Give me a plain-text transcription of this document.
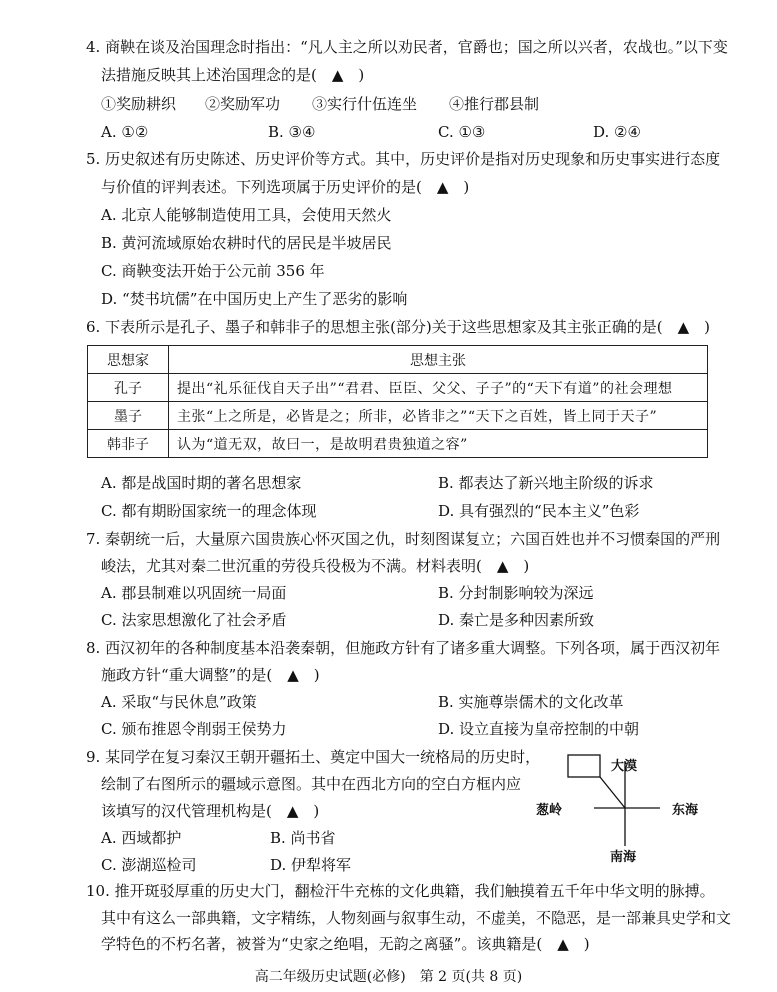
4. 商鞅在谈及治国理念时指出：“凡人主之所以劝民者，官爵也；国之所以兴者，农战也。”以下变
法措施反映其上述治国理念的是(　▲　)
①奖励耕织 ②奖励军功 ③实行什伍连坐 ④推行郡县制
A. ①②	B. ③④	C. ①③	D. ②④
5. 历史叙述有历史陈述、历史评价等方式。其中，历史评价是指对历史现象和历史事实进行态度
与价值的评判表述。下列选项属于历史评价的是(　▲　)
A. 北京人能够制造使用工具，会使用天然火
B. 黄河流域原始农耕时代的居民是半坡居民
C. 商鞅变法开始于公元前 356 年
D. “焚书坑儒”在中国历史上产生了恶劣的影响
6. 下表所示是孔子、墨子和韩非子的思想主张(部分)关于这些思想家及其主张正确的是(　▲　)
思想家	思想主张
孔子	提出“礼乐征伐自天子出”“君君、臣臣、父父、子子”的“天下有道”的社会理想
墨子	主张“上之所是，必皆是之；所非，必皆非之”“天下之百姓，皆上同于天子”
韩非子	认为“道无双，故曰一，是故明君贵独道之容”
A. 都是战国时期的著名思想家	B. 都表达了新兴地主阶级的诉求
C. 都有期盼国家统一的理念体现	D. 具有强烈的“民本主义”色彩
7. 秦朝统一后，大量原六国贵族心怀灭国之仇，时刻图谋复立；六国百姓也并不习惯秦国的严刑
峻法，尤其对秦二世沉重的劳役兵役极为不满。材料表明(　▲　)
A. 郡县制难以巩固统一局面	B. 分封制影响较为深远
C. 法家思想激化了社会矛盾	D. 秦亡是多种因素所致
8. 西汉初年的各种制度基本沿袭秦朝，但施政方针有了诸多重大调整。下列各项，属于西汉初年
施政方针“重大调整”的是(　▲　)
A. 采取“与民休息”政策	B. 实施尊崇儒术的文化改革
C. 颁布推恩令削弱王侯势力	D. 设立直接为皇帝控制的中朝
9. 某同学在复习秦汉王朝开疆拓土、奠定中国大一统格局的历史时，
绘制了右图所示的疆域示意图。其中在西北方向的空白方框内应
该填写的汉代管理机构是(　▲　)
A. 西域都护	B. 尚书省
C. 澎湖巡检司	D. 伊犁将军
大漠
葱岭	东海
南海
10. 推开斑驳厚重的历史大门，翻检汗牛充栋的文化典籍，我们触摸着五千年中华文明的脉搏。
其中有这么一部典籍，文字精练，人物刻画与叙事生动，不虚美，不隐恶，是一部兼具史学和文
学特色的不朽名著，被誉为“史家之绝唱，无韵之离骚”。该典籍是(　▲　)
高二年级历史试题(必修)　第 2 页(共 8 页)
